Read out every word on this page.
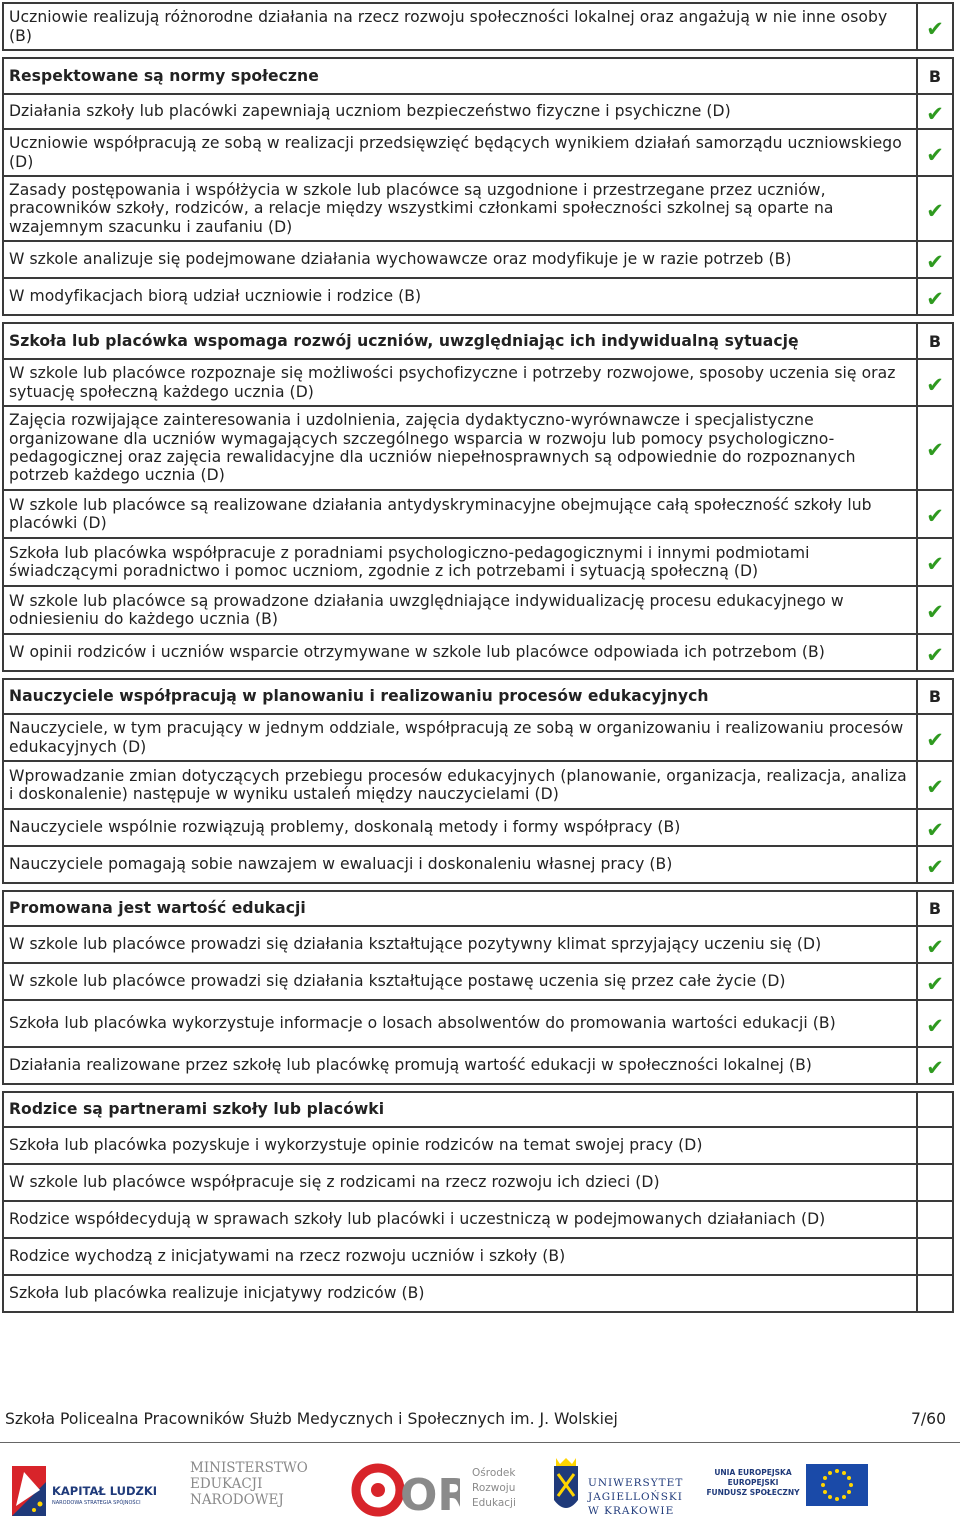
Uczniowie realizują różnorodne działania na rzecz rozwoju społeczności lokalnej oraz angażują w nie inne osoby (B)	✔
Respektowane są normy społeczne	B
Działania szkoły lub placówki zapewniają uczniom bezpieczeństwo fizyczne i psychiczne (D)	✔
Uczniowie współpracują ze sobą w realizacji przedsięwzięć będących wynikiem działań samorządu uczniowskiego (D)	✔
Zasady postępowania i współżycia w szkole lub placówce są uzgodnione i przestrzegane przez uczniów, pracowników szkoły, rodziców, a relacje między wszystkimi członkami społeczności szkolnej są oparte na wzajemnym szacunku i zaufaniu (D)	✔
W szkole analizuje się podejmowane działania wychowawcze oraz modyfikuje je w razie potrzeb (B)	✔
W modyfikacjach biorą udział uczniowie i rodzice (B)	✔
Szkoła lub placówka wspomaga rozwój uczniów, uwzględniając ich indywidualną sytuację	B
W szkole lub placówce rozpoznaje się możliwości psychofizyczne i potrzeby rozwojowe, sposoby uczenia się oraz sytuację społeczną każdego ucznia (D)	✔
Zajęcia rozwijające zainteresowania i uzdolnienia, zajęcia dydaktyczno-wyrównawcze i specjalistyczne organizowane dla uczniów wymagających szczególnego wsparcia w rozwoju lub pomocy psychologiczno-pedagogicznej oraz zajęcia rewalidacyjne dla uczniów niepełnosprawnych są odpowiednie do rozpoznanych potrzeb każdego ucznia (D)	✔
W szkole lub placówce są realizowane działania antydyskryminacyjne obejmujące całą społeczność szkoły lub placówki (D)	✔
Szkoła lub placówka współpracuje z poradniami psychologiczno-pedagogicznymi i innymi podmiotami świadczącymi poradnictwo i pomoc uczniom, zgodnie z ich potrzebami i sytuacją społeczną (D)	✔
W szkole lub placówce są prowadzone działania uwzględniające indywidualizację procesu edukacyjnego w odniesieniu do każdego ucznia (B)	✔
W opinii rodziców i uczniów wsparcie otrzymywane w szkole lub placówce odpowiada ich potrzebom (B)	✔
Nauczyciele współpracują w planowaniu i realizowaniu procesów edukacyjnych	B
Nauczyciele, w tym pracujący w jednym oddziale, współpracują ze sobą w organizowaniu i realizowaniu procesów edukacyjnych (D)	✔
Wprowadzanie zmian dotyczących przebiegu procesów edukacyjnych (planowanie, organizacja, realizacja, analiza i doskonalenie) następuje w wyniku ustaleń między nauczycielami (D)	✔
Nauczyciele wspólnie rozwiązują problemy, doskonalą metody i formy współpracy (B)	✔
Nauczyciele pomagają sobie nawzajem w ewaluacji i doskonaleniu własnej pracy (B)	✔
Promowana jest wartość edukacji	B
W szkole lub placówce prowadzi się działania kształtujące pozytywny klimat sprzyjający uczeniu się (D)	✔
W szkole lub placówce prowadzi się działania kształtujące postawę uczenia się przez całe życie (D)	✔
Szkoła lub placówka wykorzystuje informacje o losach absolwentów do promowania wartości edukacji (B)	✔
Działania realizowane przez szkołę lub placówkę promują wartość edukacji w społeczności lokalnej (B)	✔
Rodzice są partnerami szkoły lub placówki	
Szkoła lub placówka pozyskuje i wykorzystuje opinie rodziców na temat swojej pracy (D)	
W szkole lub placówce współpracuje się z rodzicami na rzecz rozwoju ich dzieci (D)	
Rodzice współdecydują w sprawach szkoły lub placówki i uczestniczą w podejmowanych działaniach (D)	
Rodzice wychodzą z inicjatywami na rzecz rozwoju uczniów i szkoły (B)	
Szkoła lub placówka realizuje inicjatywy rodziców (B)	
Szkoła Policealna Pracowników Służb Medycznych i Społecznych im. J. Wolskiej	7/60
KAPITAŁ LUDZKI
NARODOWA STRATEGIA SPÓJNOŚCI
MINISTERSTWO
EDUKACJI
NARODOWEJ	OR Ośrodek
Rozwoju
Edukacji
UNIWERSYTET
JAGIELLOŃSKI
W KRAKOWIE
UNIA EUROPEJSKA
EUROPEJSKI
FUNDUSZ SPOŁECZNY
